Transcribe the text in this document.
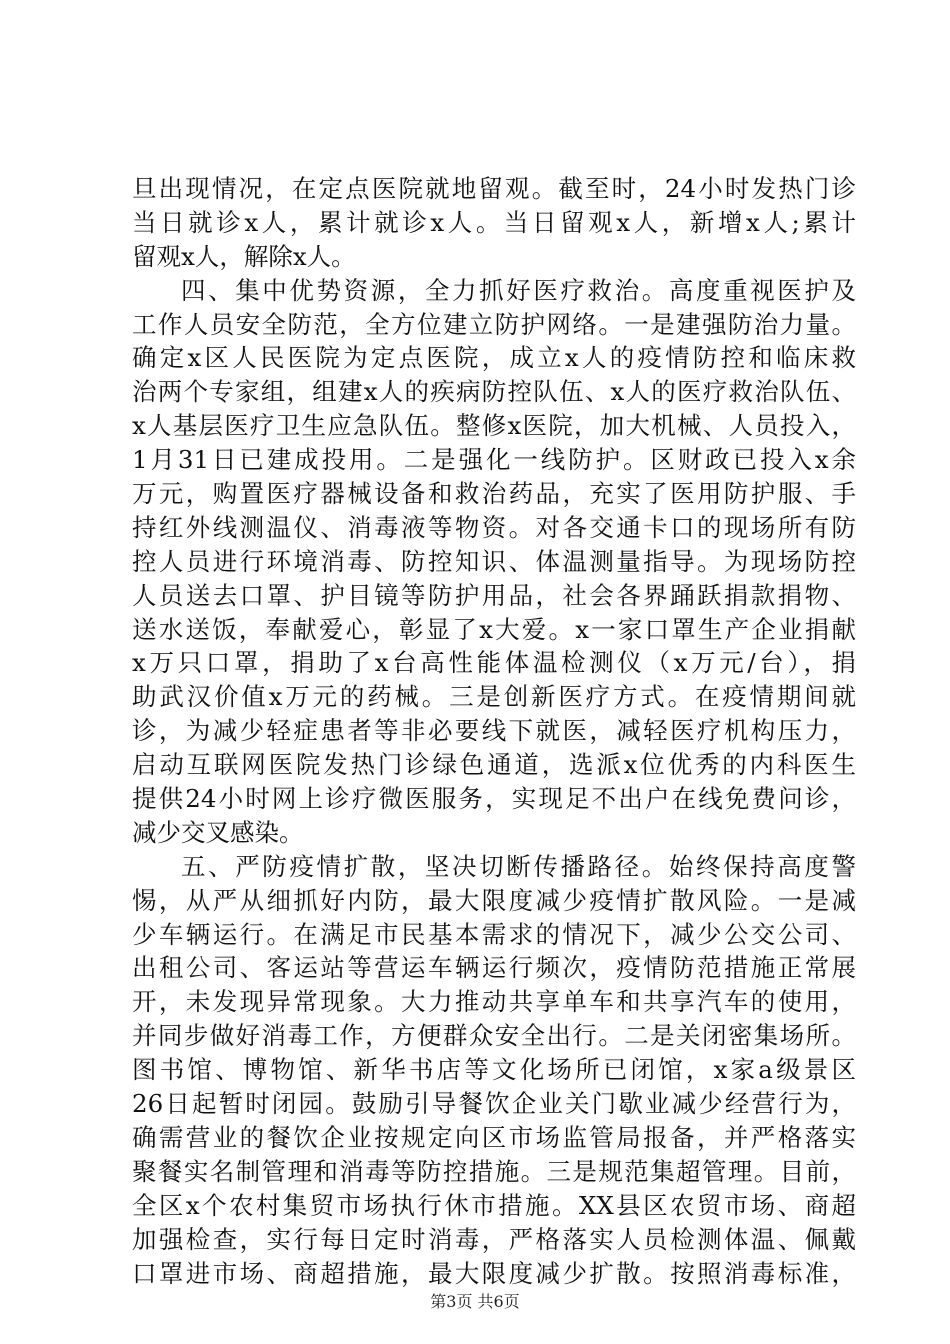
旦出现情况，在定点医院就地留观。截至时，24小时发热门诊
当日就诊x人，累计就诊x人。当日留观x人，新增x人;累计
留观x人，解除x人。
四、集中优势资源，全力抓好医疗救治。高度重视医护及
工作人员安全防范，全方位建立防护网络。一是建强防治力量。
确定x区人民医院为定点医院，成立x人的疫情防控和临床救
治两个专家组，组建x人的疾病防控队伍、x人的医疗救治队伍、
x人基层医疗卫生应急队伍。整修x医院，加大机械、人员投入，
1月31日已建成投用。二是强化一线防护。区财政已投入x余
万元，购置医疗器械设备和救治药品，充实了医用防护服、手
持红外线测温仪、消毒液等物资。对各交通卡口的现场所有防
控人员进行环境消毒、防控知识、体温测量指导。为现场防控
人员送去口罩、护目镜等防护用品，社会各界踊跃捐款捐物、
送水送饭，奉献爱心，彰显了x大爱。x一家口罩生产企业捐献
x万只口罩，捐助了x台高性能体温检测仪（x万元/台），捐
助武汉价值x万元的药械。三是创新医疗方式。在疫情期间就
诊，为减少轻症患者等非必要线下就医，减轻医疗机构压力，
启动互联网医院发热门诊绿色通道，选派x位优秀的内科医生
提供24小时网上诊疗微医服务，实现足不出户在线免费问诊，
减少交叉感染。
五、严防疫情扩散，坚决切断传播路径。始终保持高度警
惕，从严从细抓好内防，最大限度减少疫情扩散风险。一是减
少车辆运行。在满足市民基本需求的情况下，减少公交公司、
出租公司、客运站等营运车辆运行频次，疫情防范措施正常展
开，未发现异常现象。大力推动共享单车和共享汽车的使用，
并同步做好消毒工作，方便群众安全出行。二是关闭密集场所。
图书馆、博物馆、新华书店等文化场所已闭馆，x家a级景区
26日起暂时闭园。鼓励引导餐饮企业关门歇业减少经营行为，
确需营业的餐饮企业按规定向区市场监管局报备，并严格落实
聚餐实名制管理和消毒等防控措施。三是规范集超管理。目前，
全区x个农村集贸市场执行休市措施。XX县区农贸市场、商超
加强检查，实行每日定时消毒，严格落实人员检测体温、佩戴
口罩进市场、商超措施，最大限度减少扩散。按照消毒标准，
第3页 共6页
